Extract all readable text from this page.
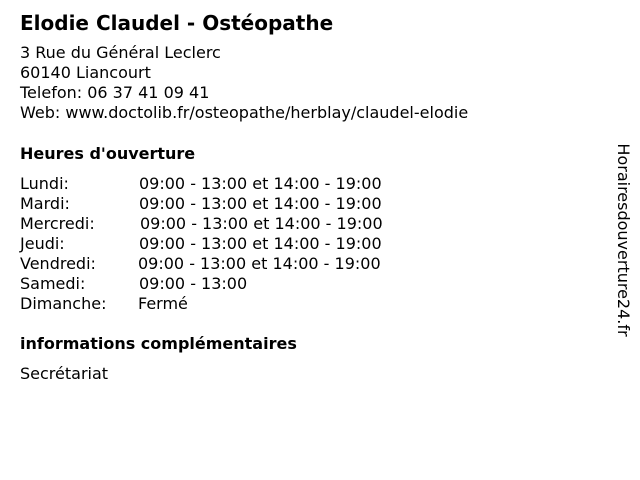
Elodie Claudel - Ostéopathe
3 Rue du Général Leclerc
60140 Liancourt
Telefon: 06 37 41 09 41
Web: www.doctolib.fr/osteopathe/herblay/claudel-elodie
Heures d'ouverture
Lundi:	09:00 - 13:00 et 14:00 - 19:00
Mardi:	09:00 - 13:00 et 14:00 - 19:00
Mercredi:	09:00 - 13:00 et 14:00 - 19:00
Jeudi:	09:00 - 13:00 et 14:00 - 19:00
Vendredi:	09:00 - 13:00 et 14:00 - 19:00
Samedi:	09:00 - 13:00
Dimanche: Fermé
informations complémentaires
Secrétariat
Horairesdouverture24.fr
